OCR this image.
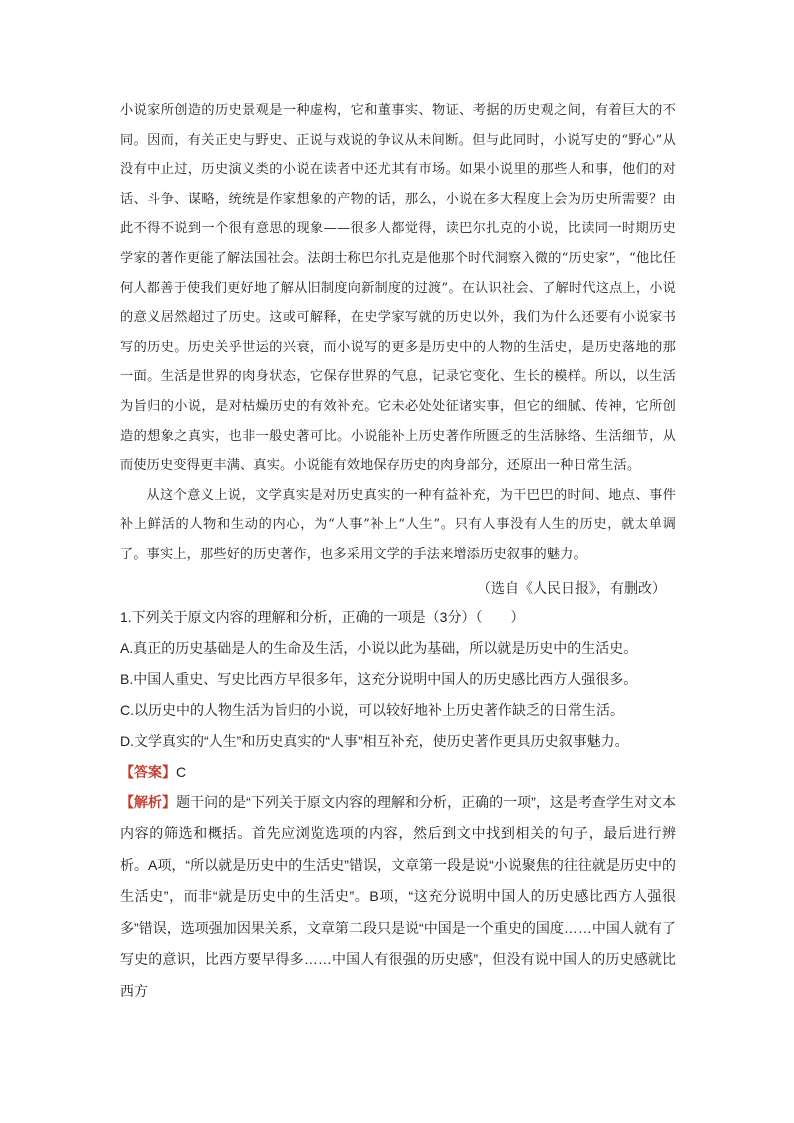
小说家所创造的历史景观是一种虚构，它和董事实、物证、考据的历史观之间，有着巨大的不同。因而，有关正史与野史、正说与戏说的争议从未间断。但与此同时，小说写史的“野心”从没有中止过，历史演义类的小说在读者中还尤其有市场。如果小说里的那些人和事，他们的对话、斗争、谋略，统统是作家想象的产物的话，那么，小说在多大程度上会为历史所需要？由此不得不说到一个很有意思的现象——很多人都觉得，读巴尔扎克的小说，比读同一时期历史学家的著作更能了解法国社会。法朗士称巴尔扎克是他那个时代洞察入微的“历史家”，“他比任何人都善于使我们更好地了解从旧制度向新制度的过渡”。在认识社会、了解时代这点上，小说的意义居然超过了历史。这或可解释，在史学家写就的历史以外，我们为什么还要有小说家书写的历史。历史关乎世运的兴衰，而小说写的更多是历史中的人物的生活史，是历史落地的那一面。生活是世界的肉身状态，它保存世界的气息，记录它变化、生长的模样。所以，以生活为旨归的小说，是对枯燥历史的有效补充。它未必处处征诸实事，但它的细腻、传神，它所创造的想象之真实，也非一般史著可比。小说能补上历史著作所匮乏的生活脉络、生活细节，从而使历史变得更丰满、真实。小说能有效地保存历史的肉身部分，还原出一种日常生活。

从这个意义上说，文学真实是对历史真实的一种有益补充，为干巴巴的时间、地点、事件补上鲜活的人物和生动的内心，为“人事”补上“人生”。只有人事没有人生的历史，就太单调了。事实上，那些好的历史著作，也多采用文学的手法来增添历史叙事的魅力。

（选自《人民日报》，有删改）

1.下列关于原文内容的理解和分析，正确的一项是（3分）（　　）

A.真正的历史基础是人的生命及生活，小说以此为基础，所以就是历史中的生活史。

B.中国人重史、写史比西方早很多年，这充分说明中国人的历史感比西方人强很多。

C.以历史中的人物生活为旨归的小说，可以较好地补上历史著作缺乏的日常生活。

D.文学真实的“人生”和历史真实的“人事”相互补充，使历史著作更具历史叙事魅力。

【答案】C

【解析】题干问的是“下列关于原文内容的理解和分析，正确的一项”，这是考查学生对文本内容的筛选和概括。首先应浏览选项的内容，然后到文中找到相关的句子，最后进行辨析。A项，“所以就是历史中的生活史”错误，文章第一段是说“小说聚焦的往往就是历史中的生活史”，而非“就是历史中的生活史”。B项，“这充分说明中国人的历史感比西方人强很多”错误，选项强加因果关系，文章第二段只是说“中国是一个重史的国度……中国人就有了写史的意识，比西方要早得多……中国人有很强的历史感”，但没有说中国人的历史感就比西方
